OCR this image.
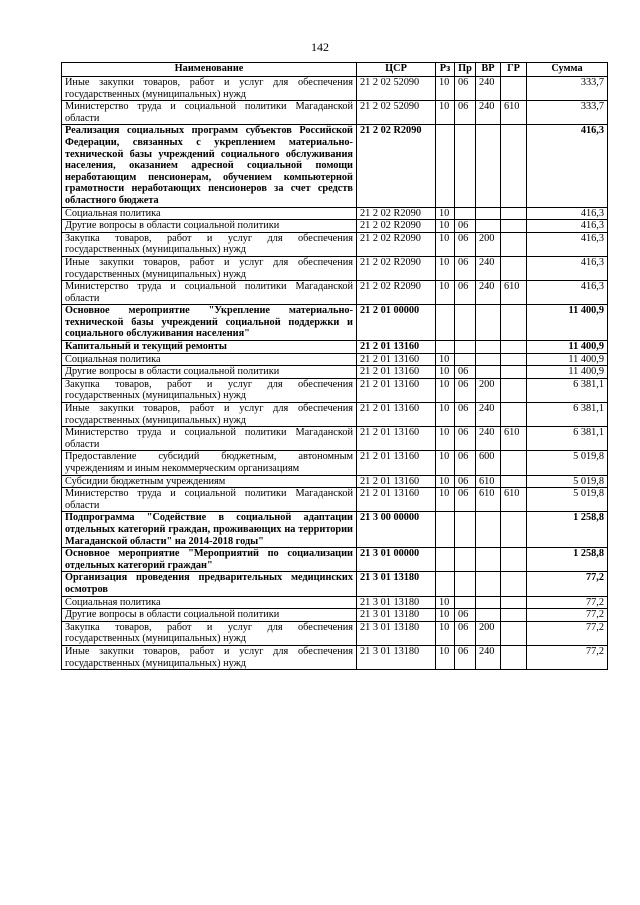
142
Наименование	ЦСР	Рз	Пр	ВР	ГР	Сумма
Иные закупки товаров, работ и услуг для обеспечения государственных (муниципальных) нужд	21 2 02 52090	10	06	240		333,7
Министерство труда и социальной политики Магаданской области	21 2 02 52090	10	06	240	610	333,7
Реализация социальных программ субъектов Российской Федерации, связанных с укреплением материально-технической базы учреждений социального обслуживания населения, оказанием адресной социальной помощи неработающим пенсионерам, обучением компьютерной грамотности неработающих пенсионеров за счет средств областного бюджета	21 2 02 R2090					416,3
Социальная политика	21 2 02 R2090	10				416,3
Другие вопросы в области социальной политики	21 2 02 R2090	10	06			416,3
Закупка товаров, работ и услуг для обеспечения государственных (муниципальных) нужд	21 2 02 R2090	10	06	200		416,3
Иные закупки товаров, работ и услуг для обеспечения государственных (муниципальных) нужд	21 2 02 R2090	10	06	240		416,3
Министерство труда и социальной политики Магаданской области	21 2 02 R2090	10	06	240	610	416,3
Основное мероприятие "Укрепление материально-технической базы учреждений социальной поддержки и социального обслуживания населения"	21 2 01 00000					11 400,9
Капитальный и текущий ремонты	21 2 01 13160					11 400,9
Социальная политика	21 2 01 13160	10				11 400,9
Другие вопросы в области социальной политики	21 2 01 13160	10	06			11 400,9
Закупка товаров, работ и услуг для обеспечения государственных (муниципальных) нужд	21 2 01 13160	10	06	200		6 381,1
Иные закупки товаров, работ и услуг для обеспечения государственных (муниципальных) нужд	21 2 01 13160	10	06	240		6 381,1
Министерство труда и социальной политики Магаданской области	21 2 01 13160	10	06	240	610	6 381,1
Предоставление субсидий бюджетным, автономным учреждениям и иным некоммерческим организациям	21 2 01 13160	10	06	600		5 019,8
Субсидии бюджетным учреждениям	21 2 01 13160	10	06	610		5 019,8
Министерство труда и социальной политики Магаданской области	21 2 01 13160	10	06	610	610	5 019,8
Подпрограмма "Содействие в социальной адаптации отдельных категорий граждан, проживающих на территории Магаданской области" на 2014-2018 годы"	21 3 00 00000					1 258,8
Основное мероприятие "Мероприятий по социализации отдельных категорий граждан"	21 3 01 00000					1 258,8
Организация проведения предварительных медицинских осмотров	21 3 01 13180					77,2
Социальная политика	21 3 01 13180	10				77,2
Другие вопросы в области социальной политики	21 3 01 13180	10	06			77,2
Закупка товаров, работ и услуг для обеспечения государственных (муниципальных) нужд	21 3 01 13180	10	06	200		77,2
Иные закупки товаров, работ и услуг для обеспечения государственных (муниципальных) нужд	21 3 01 13180	10	06	240		77,2
